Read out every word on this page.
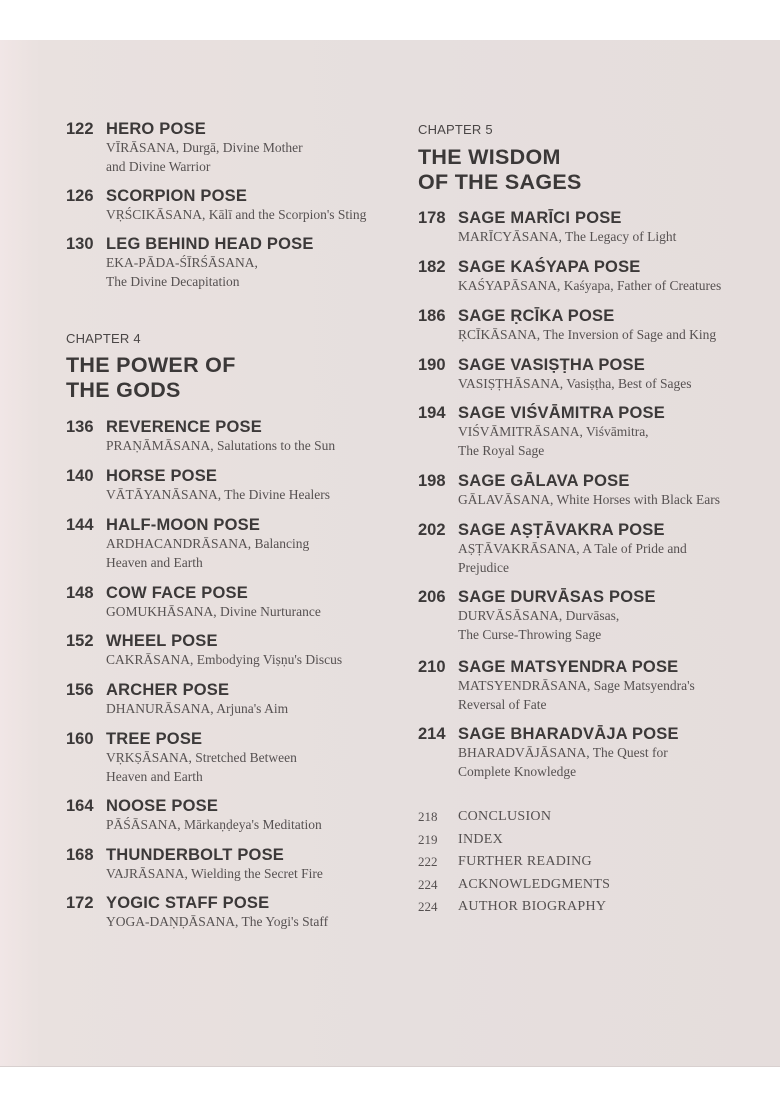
122 HERO POSE
VĪRĀSANA, Durgā, Divine Mother
and Divine Warrior
126 SCORPION POSE
VṚŚCIKĀSANA, Kālī and the Scorpion's Sting
130 LEG BEHIND HEAD POSE
EKA-PĀDA-ŚĪRŚĀSANA,
The Divine Decapitation
CHAPTER 4
THE POWER OF
THE GODS
136 REVERENCE POSE
PRAṆĀMĀSANA, Salutations to the Sun
140 HORSE POSE
VĀTĀYANĀSANA, The Divine Healers
144 HALF-MOON POSE
ARDHACANDRĀSANA, Balancing
Heaven and Earth
148 COW FACE POSE
GOMUKHĀSANA, Divine Nurturance
152 WHEEL POSE
CAKRĀSANA, Embodying Viṣṇu's Discus
156 ARCHER POSE
DHANURĀSANA, Arjuna's Aim
160 TREE POSE
VṚKṢĀSANA, Stretched Between
Heaven and Earth
164 NOOSE POSE
PĀŚĀSANA, Mārkaṇḍeya's Meditation
168 THUNDERBOLT POSE
VAJRĀSANA, Wielding the Secret Fire
172 YOGIC STAFF POSE
YOGA-DAṆḌĀSANA, The Yogi's Staff
CHAPTER 5
THE WISDOM
OF THE SAGES
178 SAGE MARĪCI POSE
MARĪCYĀSANA, The Legacy of Light
182 SAGE KAŚYAPA POSE
KAŚYAPĀSANA, Kaśyapa, Father of Creatures
186 SAGE ṚCĪKA POSE
ṚCĪKĀSANA, The Inversion of Sage and King
190 SAGE VASIṢṬHA POSE
VASIṢṬHĀSANA, Vasiṣṭha, Best of Sages
194 SAGE VIŚVĀMITRA POSE
VIŚVĀMITRĀSANA, Viśvāmitra,
The Royal Sage
198 SAGE GĀLAVA POSE
GĀLAVĀSANA, White Horses with Black Ears
202 SAGE AṢṬĀVAKRA POSE
AṢṬĀVAKRĀSANA, A Tale of Pride and
Prejudice
206 SAGE DURVĀSAS POSE
DURVĀSĀSANA, Durvāsas,
The Curse-Throwing Sage
210 SAGE MATSYENDRA POSE
MATSYENDRĀSANA, Sage Matsyendra's
Reversal of Fate
214 SAGE BHARADVĀJA POSE
BHARADVĀJĀSANA, The Quest for
Complete Knowledge
218 CONCLUSION
219 INDEX
222 FURTHER READING
224 ACKNOWLEDGMENTS
224 AUTHOR BIOGRAPHY
